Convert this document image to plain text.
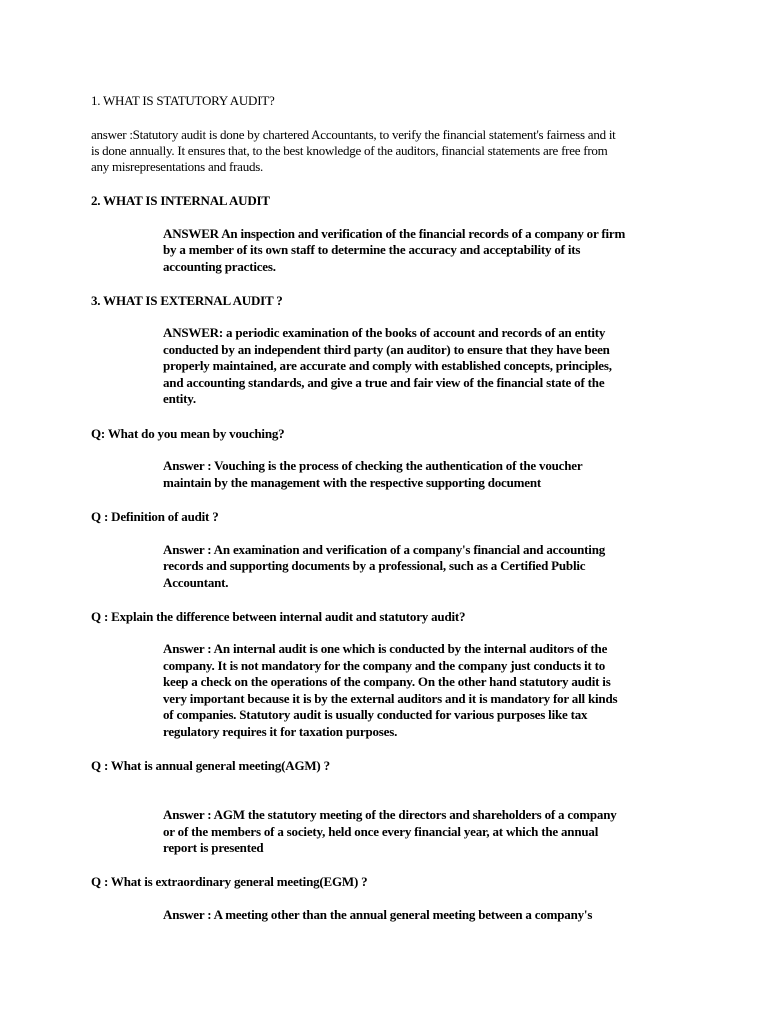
1. WHAT IS STATUTORY AUDIT?

answer :Statutory audit is done by chartered Accountants, to verify the financial statement's fairness and it

is done annually. It ensures that, to the best knowledge of the auditors, financial statements are free from

any misrepresentations and frauds.

2. WHAT IS INTERNAL AUDIT

ANSWER An inspection and verification of the financial records of a company or firm

by a member of its own staff to determine the accuracy and acceptability of its

accounting practices.

3. WHAT IS EXTERNAL AUDIT ?

ANSWER: a periodic examination of the books of account and records of an entity

conducted by an independent third party (an auditor) to ensure that they have been

properly maintained, are accurate and comply with established concepts, principles,

and accounting standards, and give a true and fair view of the financial state of the

entity.

Q: What do you mean by vouching?

Answer : Vouching is the process of checking the authentication of the voucher

maintain by the management with the respective supporting document

Q : Definition of audit ?

Answer : An examination and verification of a company's financial and accounting

records and supporting documents by a professional, such as a Certified Public

Accountant.

Q : Explain the difference between internal audit and statutory audit?

Answer : An internal audit is one which is conducted by the internal auditors of the

company. It is not mandatory for the company and the company just conducts it to

keep a check on the operations of the company. On the other hand statutory audit is

very important because it is by the external auditors and it is mandatory for all kinds

of companies. Statutory audit is usually conducted for various purposes like tax

regulatory requires it for taxation purposes.

Q : What is annual general meeting(AGM) ?

Answer : AGM the statutory meeting of the directors and shareholders of a company

or of the members of a society, held once every financial year, at which the annual

report is presented

Q : What is extraordinary general meeting(EGM) ?

Answer : A meeting other than the annual general meeting between a company's
